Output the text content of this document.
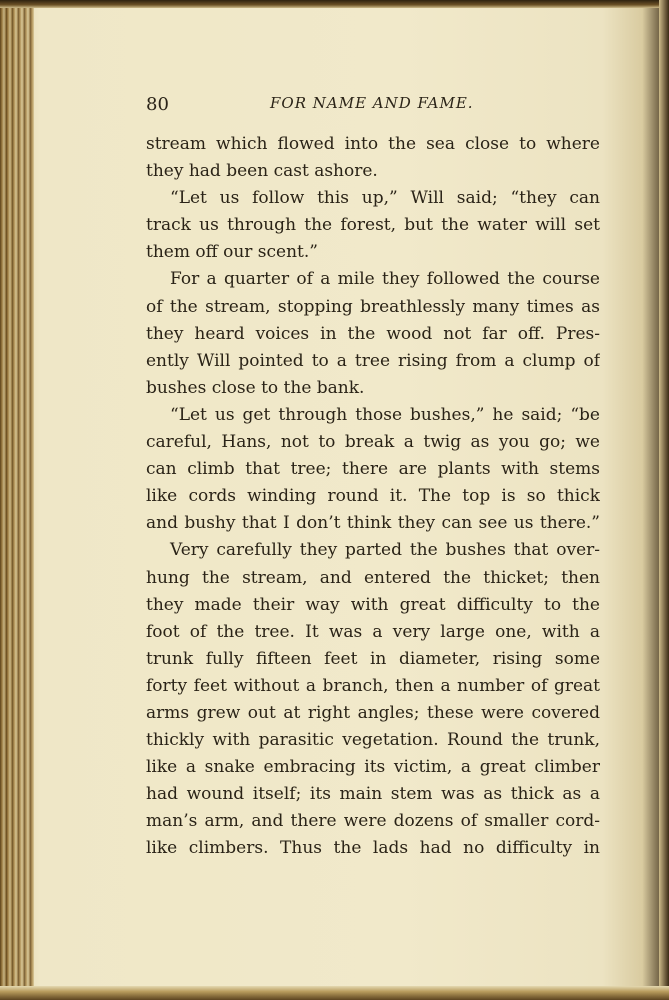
80	FOR NAME AND FAME.
stream which flowed into the sea close to where
they had been cast ashore.
“Let us follow this up,” Will said; “they can
track us through the forest, but the water will set
them off our scent.”
For a quarter of a mile they followed the course
of the stream, stopping breathlessly many times as
they heard voices in the wood not far off. Pres-
ently Will pointed to a tree rising from a clump of
bushes close to the bank.
“Let us get through those bushes,” he said; “be
careful, Hans, not to break a twig as you go; we
can climb that tree; there are plants with stems
like cords winding round it. The top is so thick
and bushy that I don’t think they can see us there.”
Very carefully they parted the bushes that over-
hung the stream, and entered the thicket; then
they made their way with great difficulty to the
foot of the tree. It was a very large one, with a
trunk fully fifteen feet in diameter, rising some
forty feet without a branch, then a number of great
arms grew out at right angles; these were covered
thickly with parasitic vegetation. Round the trunk,
like a snake embracing its victim, a great climber
had wound itself; its main stem was as thick as a
man’s arm, and there were dozens of smaller cord-
like climbers. Thus the lads had no difficulty in
